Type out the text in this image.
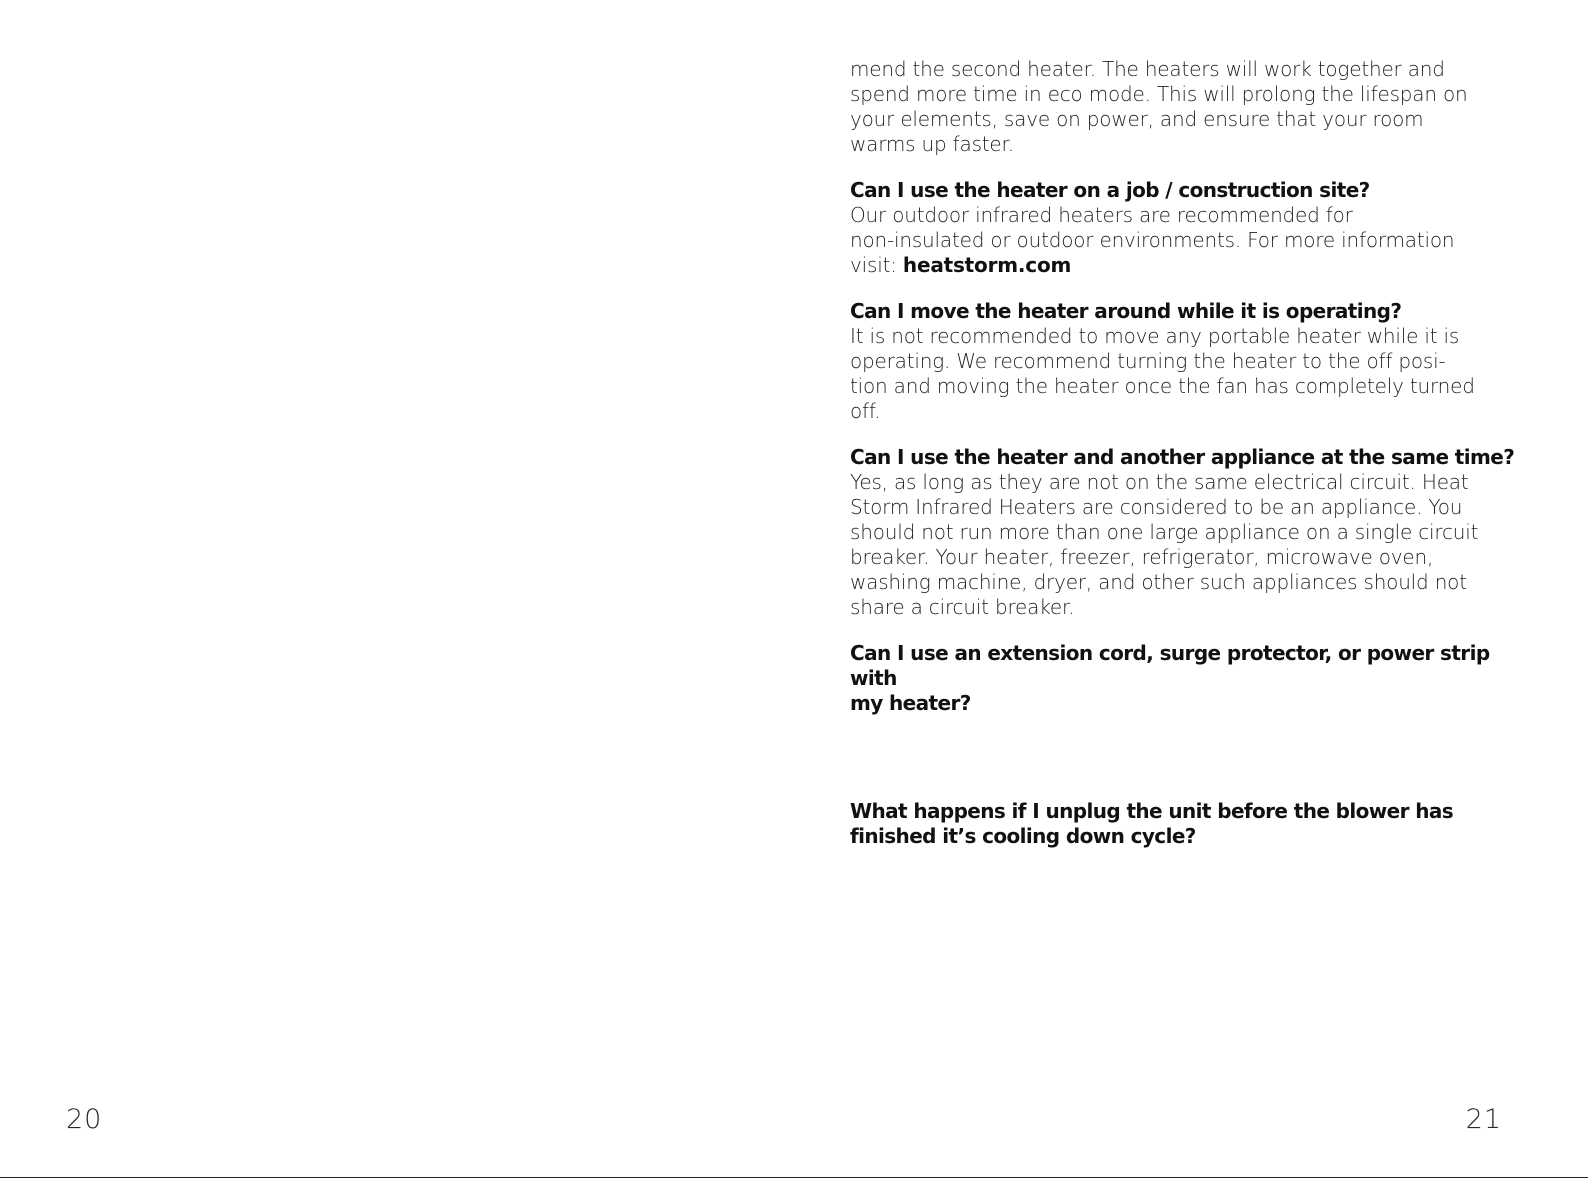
20

mend the second heater. The heaters will work together and
spend more time in eco mode. This will prolong the lifespan on
your elements, save on power, and ensure that your room
warms up faster.

Can I use the heater on a job / construction site?

Our outdoor infrared heaters are recommended for
non-insulated or outdoor environments. For more information
visit: heatstorm.com

Can I move the heater around while it is operating?

It is not recommended to move any portable heater while it is
operating. We recommend turning the heater to the off posi-
tion and moving the heater once the fan has completely turned
off.

Can I use the heater and another appliance at the same time?

Yes, as long as they are not on the same electrical circuit. Heat
Storm Infrared Heaters are considered to be an appliance. You
should not run more than one large appliance on a single circuit
breaker. Your heater, freezer, refrigerator, microwave oven,
washing machine, dryer, and other such appliances should not
share a circuit breaker.

Can I use an extension cord, surge protector, or power strip with
my heater?

What happens if I unplug the unit before the blower has
finished it’s cooling down cycle?

21
